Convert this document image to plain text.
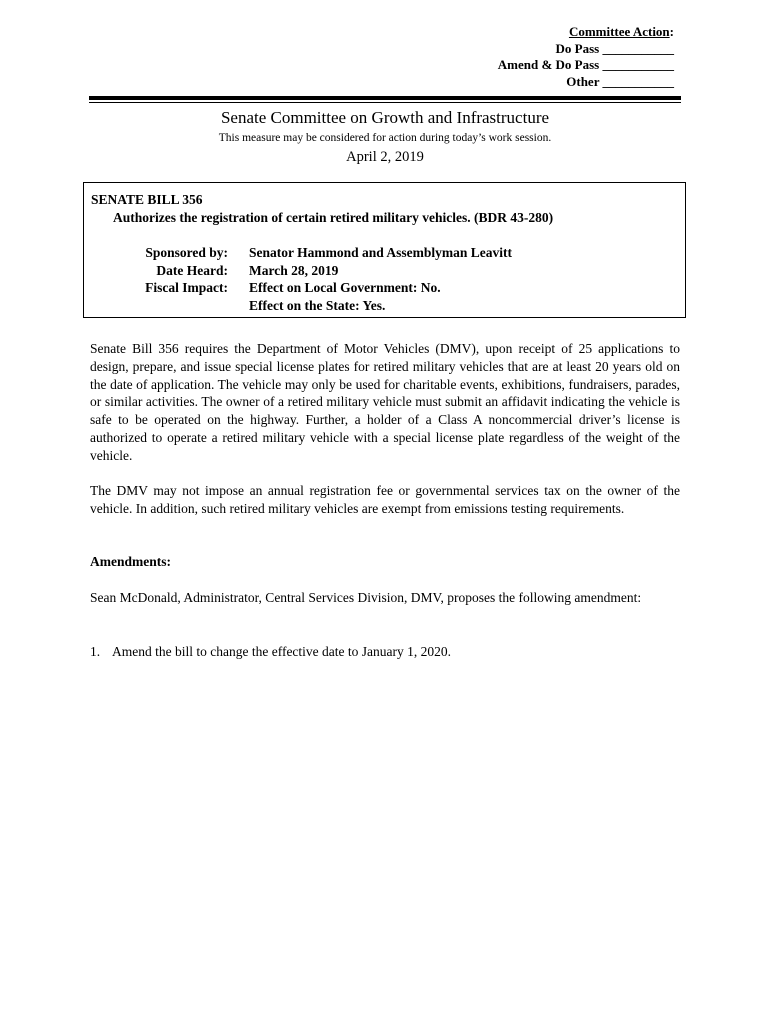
Committee Action:
Do Pass ___________
Amend & Do Pass ___________
Other ___________
Senate Committee on Growth and Infrastructure
This measure may be considered for action during today’s work session.
April 2, 2019
SENATE BILL 356
Authorizes the registration of certain retired military vehicles. (BDR 43-280)
Sponsored by:
Date Heard:
Fiscal Impact:
Senator Hammond and Assemblyman Leavitt
March 28, 2019
Effect on Local Government: No.
Effect on the State: Yes.
Senate Bill 356 requires the Department of Motor Vehicles (DMV), upon receipt of 25 applications to design, prepare, and issue special license plates for retired military vehicles that are at least 20 years old on the date of application. The vehicle may only be used for charitable events, exhibitions, fundraisers, parades, or similar activities. The owner of a retired military vehicle must submit an affidavit indicating the vehicle is safe to be operated on the highway. Further, a holder of a Class A noncommercial driver’s license is authorized to operate a retired military vehicle with a special license plate regardless of the weight of the vehicle.
The DMV may not impose an annual registration fee or governmental services tax on the owner of the vehicle. In addition, such retired military vehicles are exempt from emissions testing requirements.
Amendments:
Sean McDonald, Administrator, Central Services Division, DMV, proposes the following amendment:
1. Amend the bill to change the effective date to January 1, 2020.
